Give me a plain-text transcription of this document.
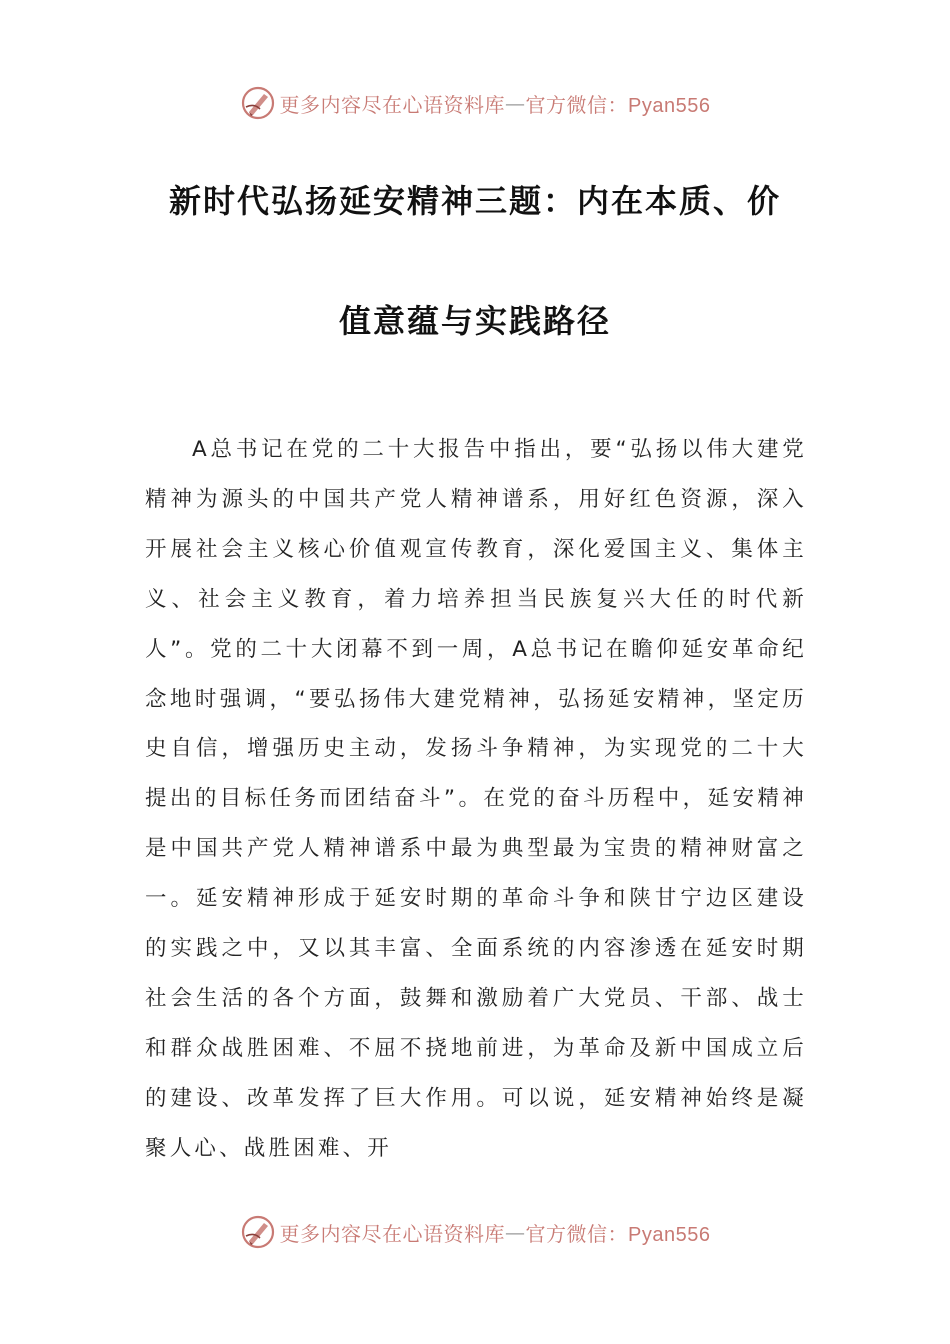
更多内容尽在心语资料库 — 官方微信：Pyan556
新时代弘扬延安精神三题：内在本质、价
值意蕴与实践路径

A总书记在党的二十大报告中指出，要“弘扬以伟大建党精神为源头的中国共产党人精神谱系，用好红色资源，深入开展社会主义核心价值观宣传教育，深化爱国主义、集体主义、社会主义教育，着力培养担当民族复兴大任的时代新人”。党的二十大闭幕不到一周，A总书记在瞻仰延安革命纪念地时强调，“要弘扬伟大建党精神，弘扬延安精神，坚定历史自信，增强历史主动，发扬斗争精神，为实现党的二十大提出的目标任务而团结奋斗”。在党的奋斗历程中，延安精神是中国共产党人精神谱系中最为典型最为宝贵的精神财富之一。延安精神形成于延安时期的革命斗争和陕甘宁边区建设的实践之中，又以其丰富、全面系统的内容渗透在延安时期社会生活的各个方面，鼓舞和激励着广大党员、干部、战士和群众战胜困难、不屈不挠地前进，为革命及新中国成立后的建设、改革发挥了巨大作用。可以说，延安精神始终是凝聚人心、战胜困难、开

更多内容尽在心语资料库 — 官方微信：Pyan556
